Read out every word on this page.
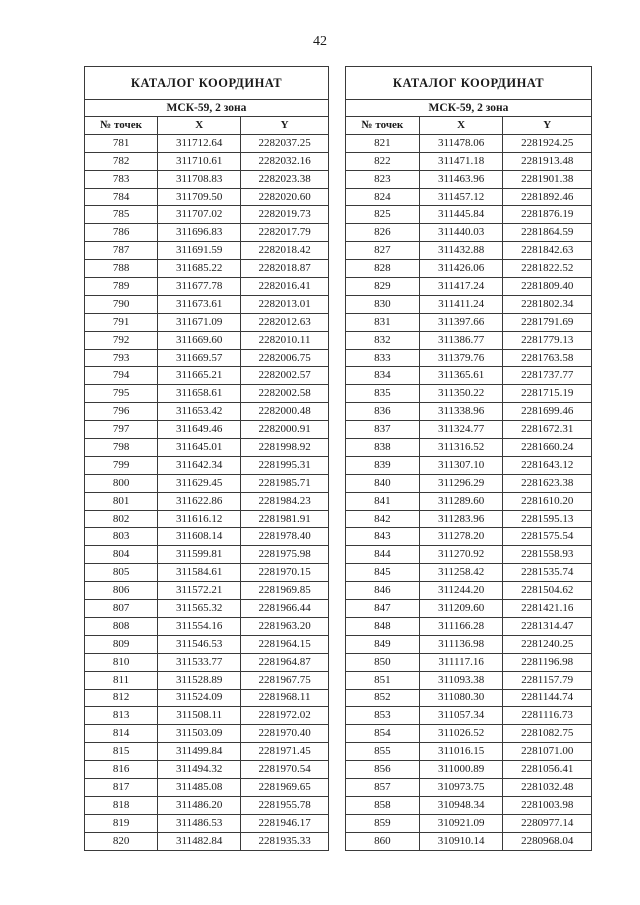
42
КАТАЛОГ КООРДИНАТ		
МСК-59, 2 зона		
№ точек	X	Y
781	311712.64	2282037.25
782	311710.61	2282032.16
783	311708.83	2282023.38
784	311709.50	2282020.60
785	311707.02	2282019.73
786	311696.83	2282017.79
787	311691.59	2282018.42
788	311685.22	2282018.87
789	311677.78	2282016.41
790	311673.61	2282013.01
791	311671.09	2282012.63
792	311669.60	2282010.11
793	311669.57	2282006.75
794	311665.21	2282002.57
795	311658.61	2282002.58
796	311653.42	2282000.48
797	311649.46	2282000.91
798	311645.01	2281998.92
799	311642.34	2281995.31
800	311629.45	2281985.71
801	311622.86	2281984.23
802	311616.12	2281981.91
803	311608.14	2281978.40
804	311599.81	2281975.98
805	311584.61	2281970.15
806	311572.21	2281969.85
807	311565.32	2281966.44
808	311554.16	2281963.20
809	311546.53	2281964.15
810	311533.77	2281964.87
811	311528.89	2281967.75
812	311524.09	2281968.11
813	311508.11	2281972.02
814	311503.09	2281970.40
815	311499.84	2281971.45
816	311494.32	2281970.54
817	311485.08	2281969.65
818	311486.20	2281955.78
819	311486.53	2281946.17
820	311482.84	2281935.33
КАТАЛОГ КООРДИНАТ		
МСК-59, 2 зона		
№ точек	X	Y
821	311478.06	2281924.25
822	311471.18	2281913.48
823	311463.96	2281901.38
824	311457.12	2281892.46
825	311445.84	2281876.19
826	311440.03	2281864.59
827	311432.88	2281842.63
828	311426.06	2281822.52
829	311417.24	2281809.40
830	311411.24	2281802.34
831	311397.66	2281791.69
832	311386.77	2281779.13
833	311379.76	2281763.58
834	311365.61	2281737.77
835	311350.22	2281715.19
836	311338.96	2281699.46
837	311324.77	2281672.31
838	311316.52	2281660.24
839	311307.10	2281643.12
840	311296.29	2281623.38
841	311289.60	2281610.20
842	311283.96	2281595.13
843	311278.20	2281575.54
844	311270.92	2281558.93
845	311258.42	2281535.74
846	311244.20	2281504.62
847	311209.60	2281421.16
848	311166.28	2281314.47
849	311136.98	2281240.25
850	311117.16	2281196.98
851	311093.38	2281157.79
852	311080.30	2281144.74
853	311057.34	2281116.73
854	311026.52	2281082.75
855	311016.15	2281071.00
856	311000.89	2281056.41
857	310973.75	2281032.48
858	310948.34	2281003.98
859	310921.09	2280977.14
860	310910.14	2280968.04
